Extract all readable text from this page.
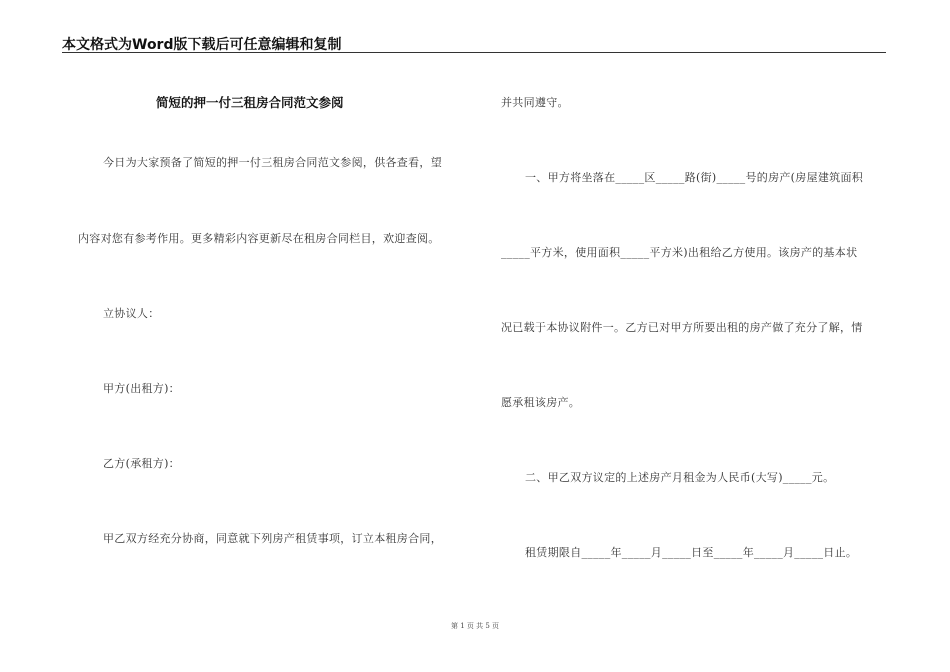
本文格式为Word版下载后可任意编辑和复制
简短的押一付三租房合同范文参阅
今日为大家预备了简短的押一付三租房合同范文参阅，供各查看，望
内容对您有参考作用。更多精彩内容更新尽在租房合同栏目，欢迎查阅。
立协议人：
甲方(出租方)：
乙方(承租方)：
甲乙双方经充分协商，同意就下列房产租赁事项，订立本租房合同，
并共同遵守。
一、甲方将坐落在_____区_____路(街)_____号的房产(房屋建筑面积
_____平方米，使用面积_____平方米)出租给乙方使用。该房产的基本状
况已载于本协议附件一。乙方已对甲方所要出租的房产做了充分了解，情
愿承租该房产。
二、甲乙双方议定的上述房产月租金为人民币(大写)_____元。
租赁期限自_____年_____月_____日至_____年_____月_____日止。
第 1 页 共 5 页
